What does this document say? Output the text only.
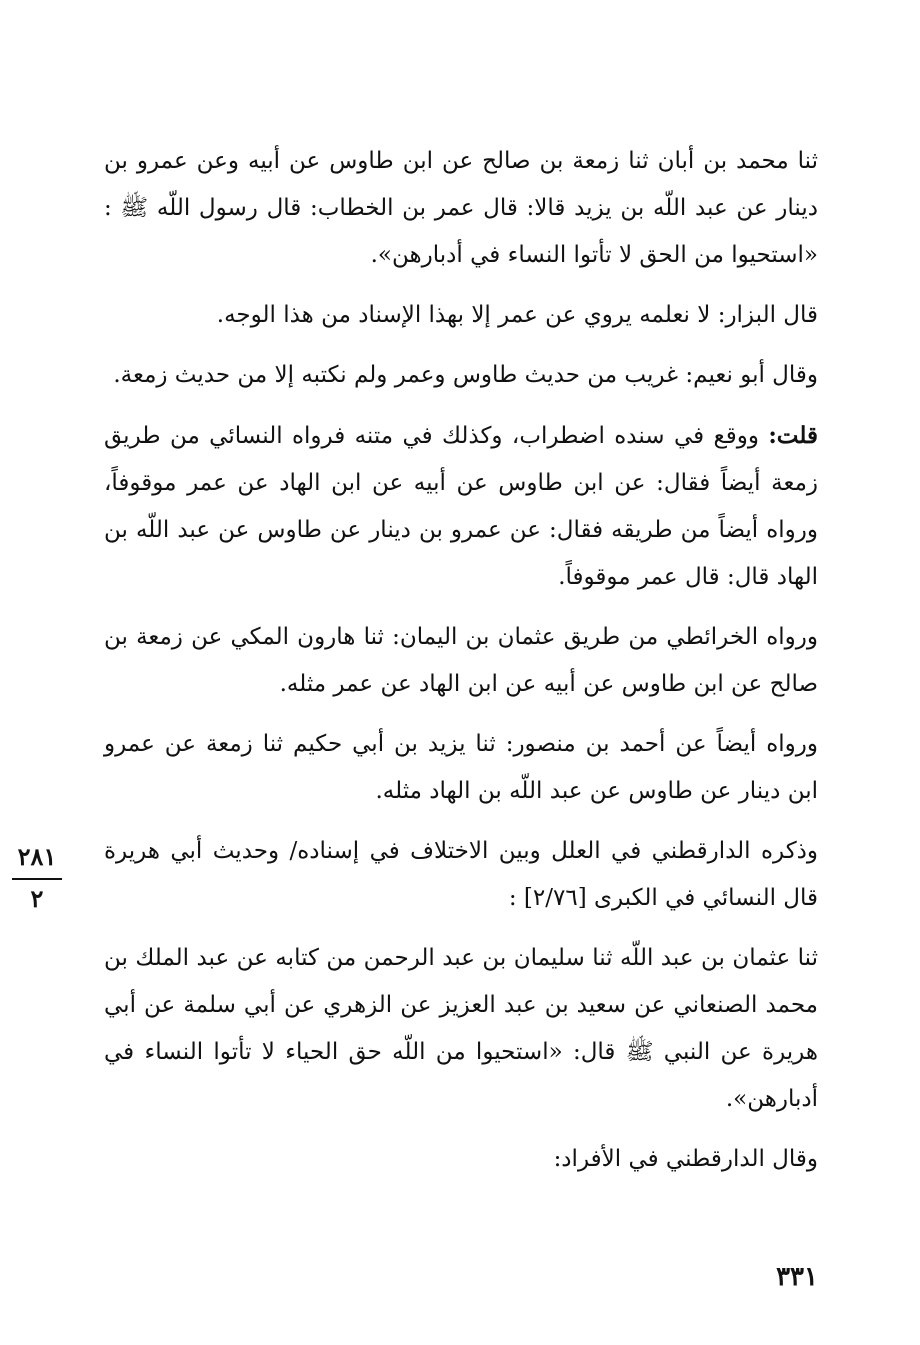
ثنا محمد بن أبان ثنا زمعة بن صالح عن ابن طاوس عن أبيه وعن عمرو بن دينار عن عبد اللّه بن يزيد قالا: قال عمر بن الخطاب: قال رسول اللّه ﷺ : «استحيوا من الحق لا تأتوا النساء في أدبارهن».

قال البزار: لا نعلمه يروي عن عمر إلا بهذا الإسناد من هذا الوجه.

وقال أبو نعيم: غريب من حديث طاوس وعمر ولم نكتبه إلا من حديث زمعة.

قلت: ووقع في سنده اضطراب، وكذلك في متنه فرواه النسائي من طريق زمعة أيضاً فقال: عن ابن طاوس عن أبيه عن ابن الهاد عن عمر موقوفاً، ورواه أيضاً من طريقه فقال: عن عمرو بن دينار عن طاوس عن عبد اللّه بن الهاد قال: قال عمر موقوفاً.

ورواه الخرائطي من طريق عثمان بن اليمان: ثنا هارون المكي عن زمعة بن صالح عن ابن طاوس عن أبيه عن ابن الهاد عن عمر مثله.

ورواه أيضاً عن أحمد بن منصور: ثنا يزيد بن أبي حكيم ثنا زمعة عن عمرو ابن دينار عن طاوس عن عبد اللّه بن الهاد مثله.

وذكره الدارقطني في العلل وبين الاختلاف في إسناده/ وحديث أبي هريرة قال النسائي في الكبرى [٢/٧٦] :

ثنا عثمان بن عبد اللّه ثنا سليمان بن عبد الرحمن من كتابه عن عبد الملك بن محمد الصنعاني عن سعيد بن عبد العزيز عن الزهري عن أبي سلمة عن أبي هريرة عن النبي ﷺ قال: «استحيوا من اللّه حق الحياء لا تأتوا النساء في أدبارهن».

وقال الدارقطني في الأفراد:

٢٨١
٢
٣٣١
